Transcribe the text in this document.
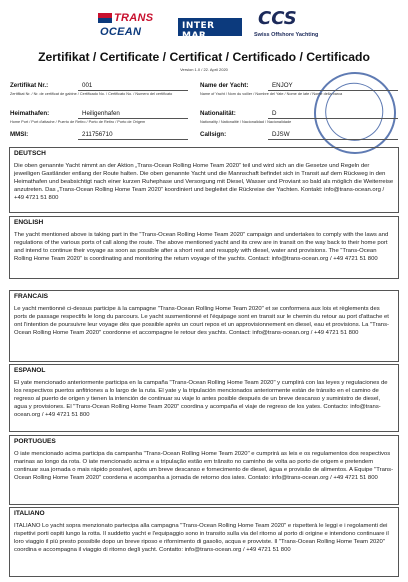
TRANS
OCEAN	INTER MAR
CCS
Swiss Offshore Yachting
Zertifikat / Certificate / Certificat / Certificado / Certificado
Version 1.0 / 22. April 2020
Zertifikat Nr.:	001
Zertifikat Nr. / Nr. de certificat de gabine / Certificado No. / Certificato No. / Numero del certificato
Name der Yacht:	ENJOY
Name of Yacht / Nom du voilier / Nombre del Yate / Nome de iate / Nome della barca
Heimathafen:	Heiligenhafen
Home Port / Port d'attache / Puerto de Retiro / Porto de Retiro / Porto de Origem
Nationalität:	D
Nationality / Nationalité / Nacionalidad / Nacionalidade
MMSI:	211756710	Callsign:	DJSW

DEUTSCH

Die oben genannte Yacht nimmt an der Aktion „Trans-Ocean Rolling Home Team 2020“ teil und wird sich an die Gesetze und Regeln der jeweiligen Gastländer entlang der Route halten. Die oben genannte Yacht und die Mannschaft befindet sich in Transit auf dem Rückweg in den Heimathafen und beabsichtigt nach einer kurzen Ruhephase und Versorgung mit Diesel, Wasser und Proviant so bald als möglich die Weiterreise anzutreten. Das „Trans-Ocean Rolling Home Team 2020“ koordiniert und begleitet die Rückreise der Yachten. Kontakt: info@trans-ocean.org / +49 4721 51 800

ENGLISH

The yacht mentioned above is taking part in the “Trans-Ocean Rolling Home Team 2020” campaign and undertakes to comply with the laws and regulations of the various ports of call along the route. The above mentioned yacht and its crew are in transit on the way back to their home port and intend to continue their voyage as soon as possible after a short rest and resupply with diesel, water and provisions. The “Trans-Ocean Rolling Home Team 2020” is coordinating and monitoring the return voyage of the yachts. Contact: info@trans-ocean.org / +49 4721 51 800

FRANCAIS

Le yacht mentionné ci-dessus participe à la campagne "Trans-Ocean Rolling Home Team 2020" et se conformera aux lois et règlements des ports de passage respectifs le long du parcours. Le yacht susmentionné et l'équipage sont en transit sur le chemin du retour au port d'attache et ont l'intention de poursuivre leur voyage dès que possible après un court repos et un approvisionnement en diesel, eau et provisions. La "Trans-Ocean Rolling Home Team 2020" coordonne et accompagne le retour des yachts. Contact: info@trans-ocean.org / +49 4721 51 800

ESPANOL

El yate mencionado anteriormente participa en la campaña "Trans-Ocean Rolling Home Team 2020" y cumplirá con las leyes y regulaciones de los respectivos puertos anfitriones a lo largo de la ruta. El yate y la tripulación mencionados anteriormente están de tránsito en el camino de regreso al puerto de origen y tienen la intención de continuar su viaje lo antes posible después de un breve descanso y suministro de diesel, agua y provisiones. El "Trans-Ocean Rolling Home Team 2020" coordina y acompaña el viaje de regreso de los yates. Contacto: info@trans-ocean.org / +49 4721 51 800

PORTUGUES

O iate mencionado acima participa da campanha "Trans-Ocean Rolling Home Team 2020" e cumprirá as leis e os regulamentos dos respectivos marinas ao longo da rota. O iate mencionado acima e a tripulação estão em trânsito no caminho de volta ao porto de origem e pretendem continuar sua jornada o mais rápido possível, após um breve descanso e fornecimento de diesel, água e provisão de alimentos. A Equipe "Trans-Ocean Rolling Home Team 2020" coordena e acompanha a jornada de retorno dos iates. Contato: info@trans-ocean.org / +49 4721 51 800

ITALIANO

ITALIANO Lo yacht sopra menzionato partecipa alla campagna "Trans-Ocean Rolling Home Team 2020" e rispetterà le leggi e i regolamenti dei rispettivi porti ospiti lungo la rotta. Il suddetto yacht e l'equipaggio sono in transito sulla via del ritorno al porto di origine e intendono continuare il loro viaggio il più presto possibile dopo un breve riposo e rifornimento di gasolio, acqua e provviste. Il "Trans-Ocean Rolling Home Team 2020" coordina e accompagna il viaggio di ritorno degli yacht. Contatto: info@trans-ocean.org / +49 4721 51 800
